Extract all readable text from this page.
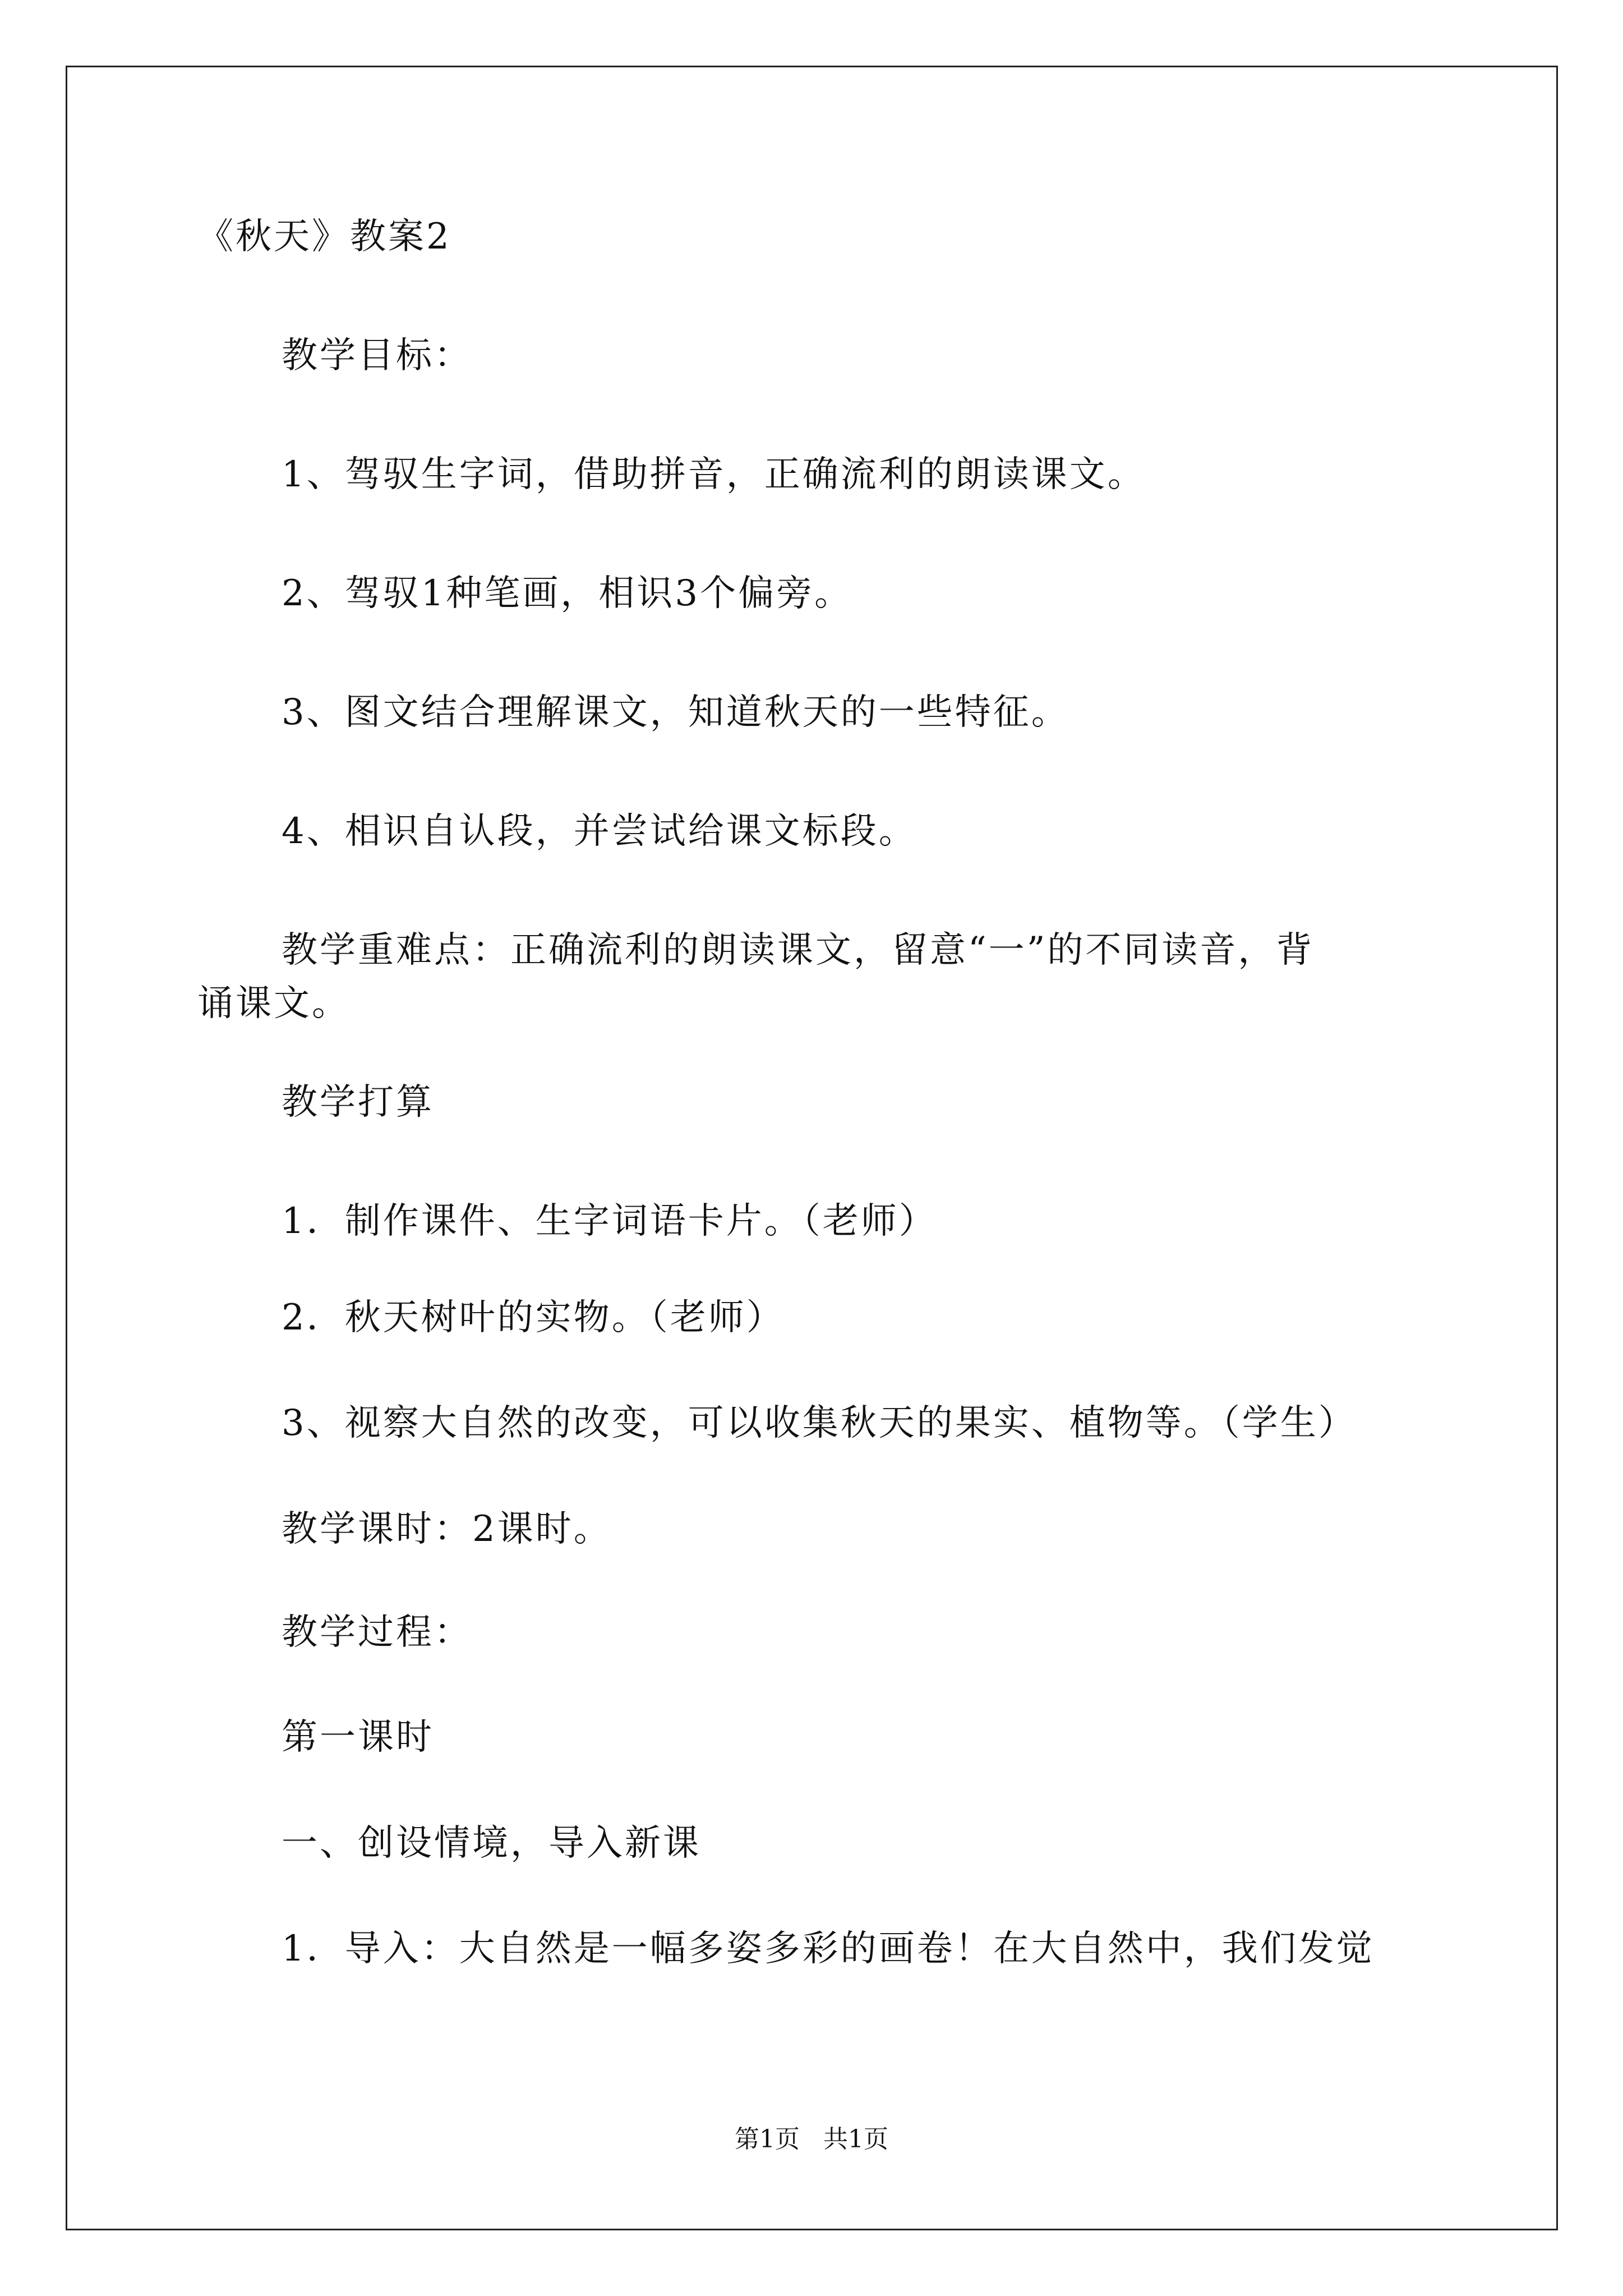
《秋天》教案2
教学目标：
1、驾驭生字词，借助拼音，正确流利的朗读课文。
2、驾驭1种笔画，相识3个偏旁。
3、图文结合理解课文，知道秋天的一些特征。
4、相识自认段，并尝试给课文标段。
教学重难点：正确流利的朗读课文，留意“一”的不同读音，背
诵课文。
教学打算
1．制作课件、生字词语卡片。（老师）
2．秋天树叶的实物。（老师）
3、视察大自然的改变，可以收集秋天的果实、植物等。（学生）
教学课时：2课时。
教学过程：
第一课时
一、创设情境，导入新课
1．导入：大自然是一幅多姿多彩的画卷！在大自然中，我们发觉
第1页   共1页
